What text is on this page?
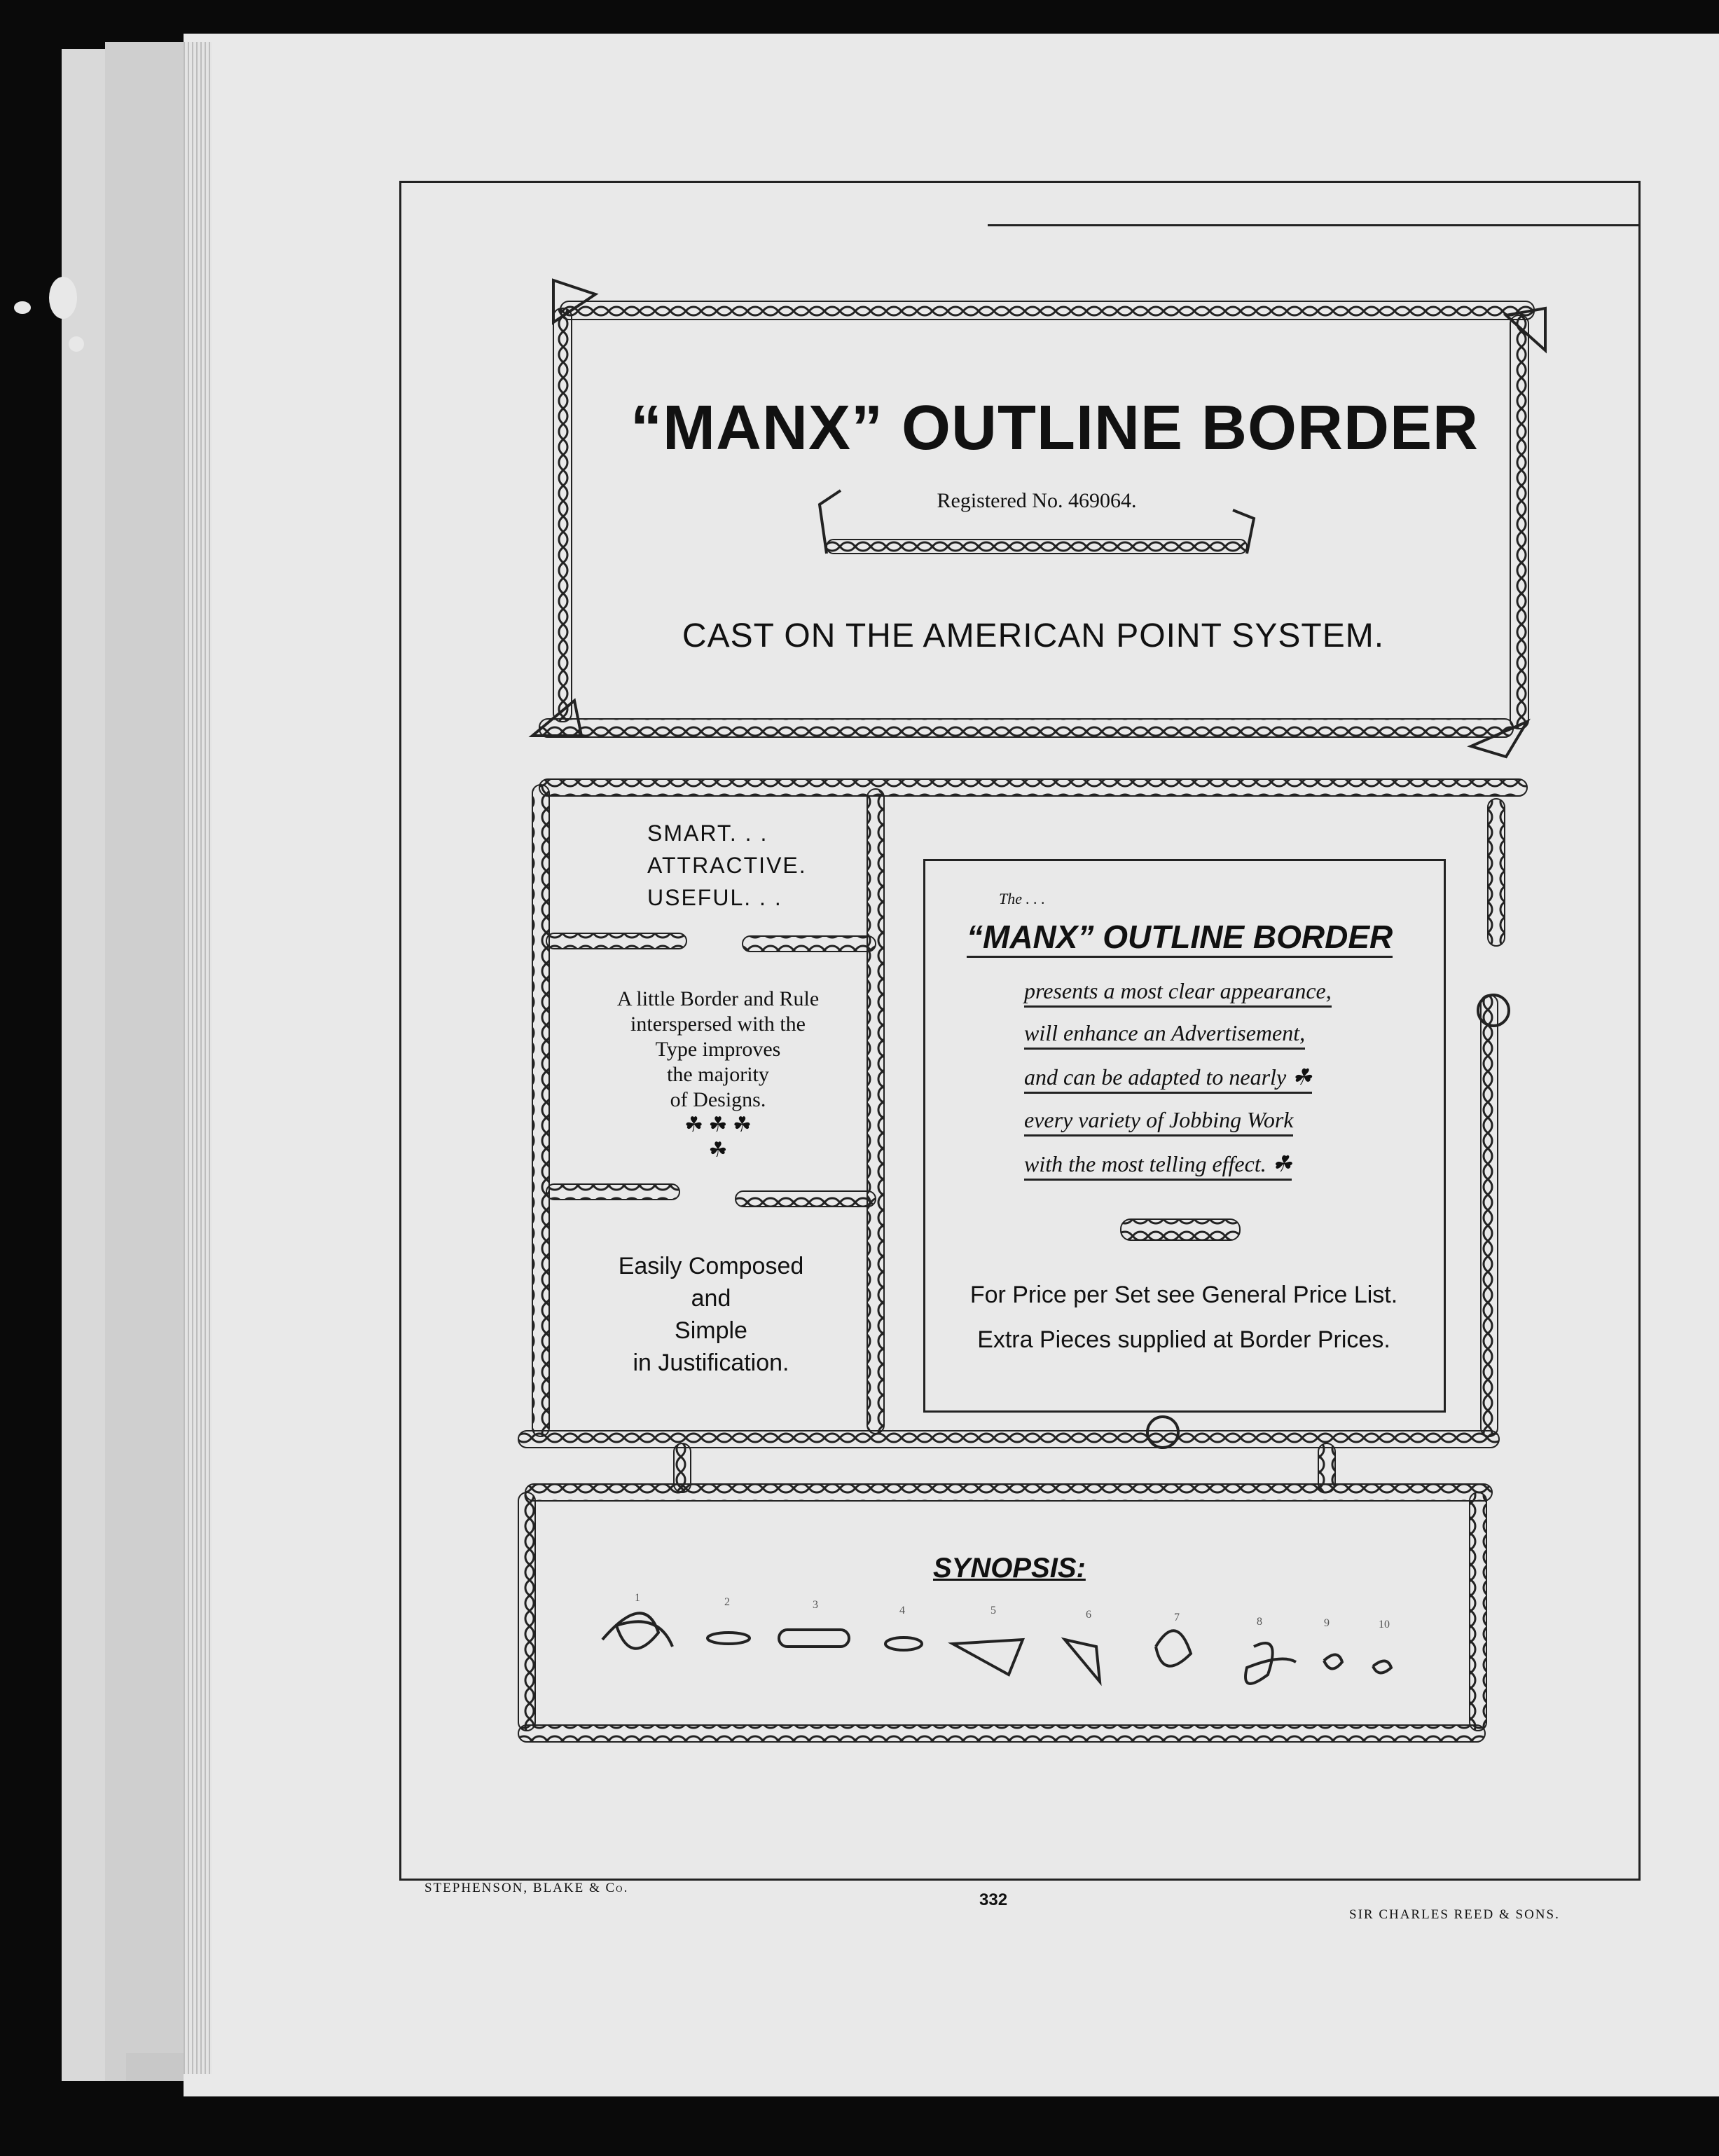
“MANX” OUTLINE BORDER
Registered No. 469064.
CAST ON THE AMERICAN POINT SYSTEM.
SMART. . .
ATTRACTIVE.
USEFUL. . .
A little Border and Rule
interspersed with the
Type improves
the majority
of Designs.
☘ ☘ ☘
☘
Easily Composed
and
Simple
in Justification.
The . . .
“MANX” OUTLINE BORDER
presents a most clear appearance,
will enhance an Advertisement,
and can be adapted to nearly ☘
every variety of Jobbing Work
with the most telling effect. ☘
For Price per Set see General Price List.
Extra Pieces supplied at Border Prices.
SYNOPSIS:
1	2	3	4	5	6	7	8	9	10
STEPHENSON, BLAKE & Co.
332
SIR CHARLES REED & SONS.
